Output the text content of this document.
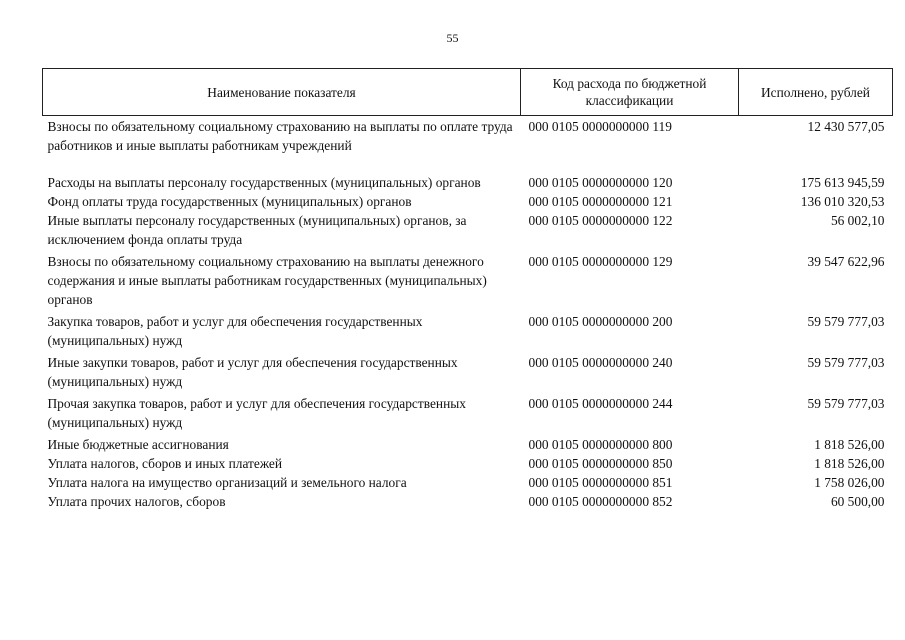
55
Наименование показателя	Код расхода по бюджетной классификации	Исполнено, рублей
Взносы по обязательному социальному страхованию на выплаты по оплате труда работников и иные выплаты работникам учреждений	000 0105 0000000000 119	12 430 577,05
Расходы на выплаты персоналу государственных (муниципальных) органов	000 0105 0000000000 120	175 613 945,59
Фонд оплаты труда государственных (муниципальных) органов	000 0105 0000000000 121	136 010 320,53
Иные выплаты персоналу государственных (муниципальных) органов, за исключением фонда оплаты труда	000 0105 0000000000 122	56 002,10
Взносы по обязательному социальному страхованию на выплаты денежного содержания и иные выплаты работникам государственных (муниципальных) органов	000 0105 0000000000 129	39 547 622,96
Закупка товаров, работ и услуг для обеспечения государственных (муниципальных) нужд	000 0105 0000000000 200	59 579 777,03
Иные закупки товаров, работ и услуг для обеспечения государственных (муниципальных) нужд	000 0105 0000000000 240	59 579 777,03
Прочая закупка товаров, работ и услуг для обеспечения государственных (муниципальных) нужд	000 0105 0000000000 244	59 579 777,03
Иные бюджетные ассигнования	000 0105 0000000000 800	1 818 526,00
Уплата налогов, сборов и иных платежей	000 0105 0000000000 850	1 818 526,00
Уплата налога на имущество организаций и земельного налога	000 0105 0000000000 851	1 758 026,00
Уплата прочих налогов, сборов	000 0105 0000000000 852	60 500,00
